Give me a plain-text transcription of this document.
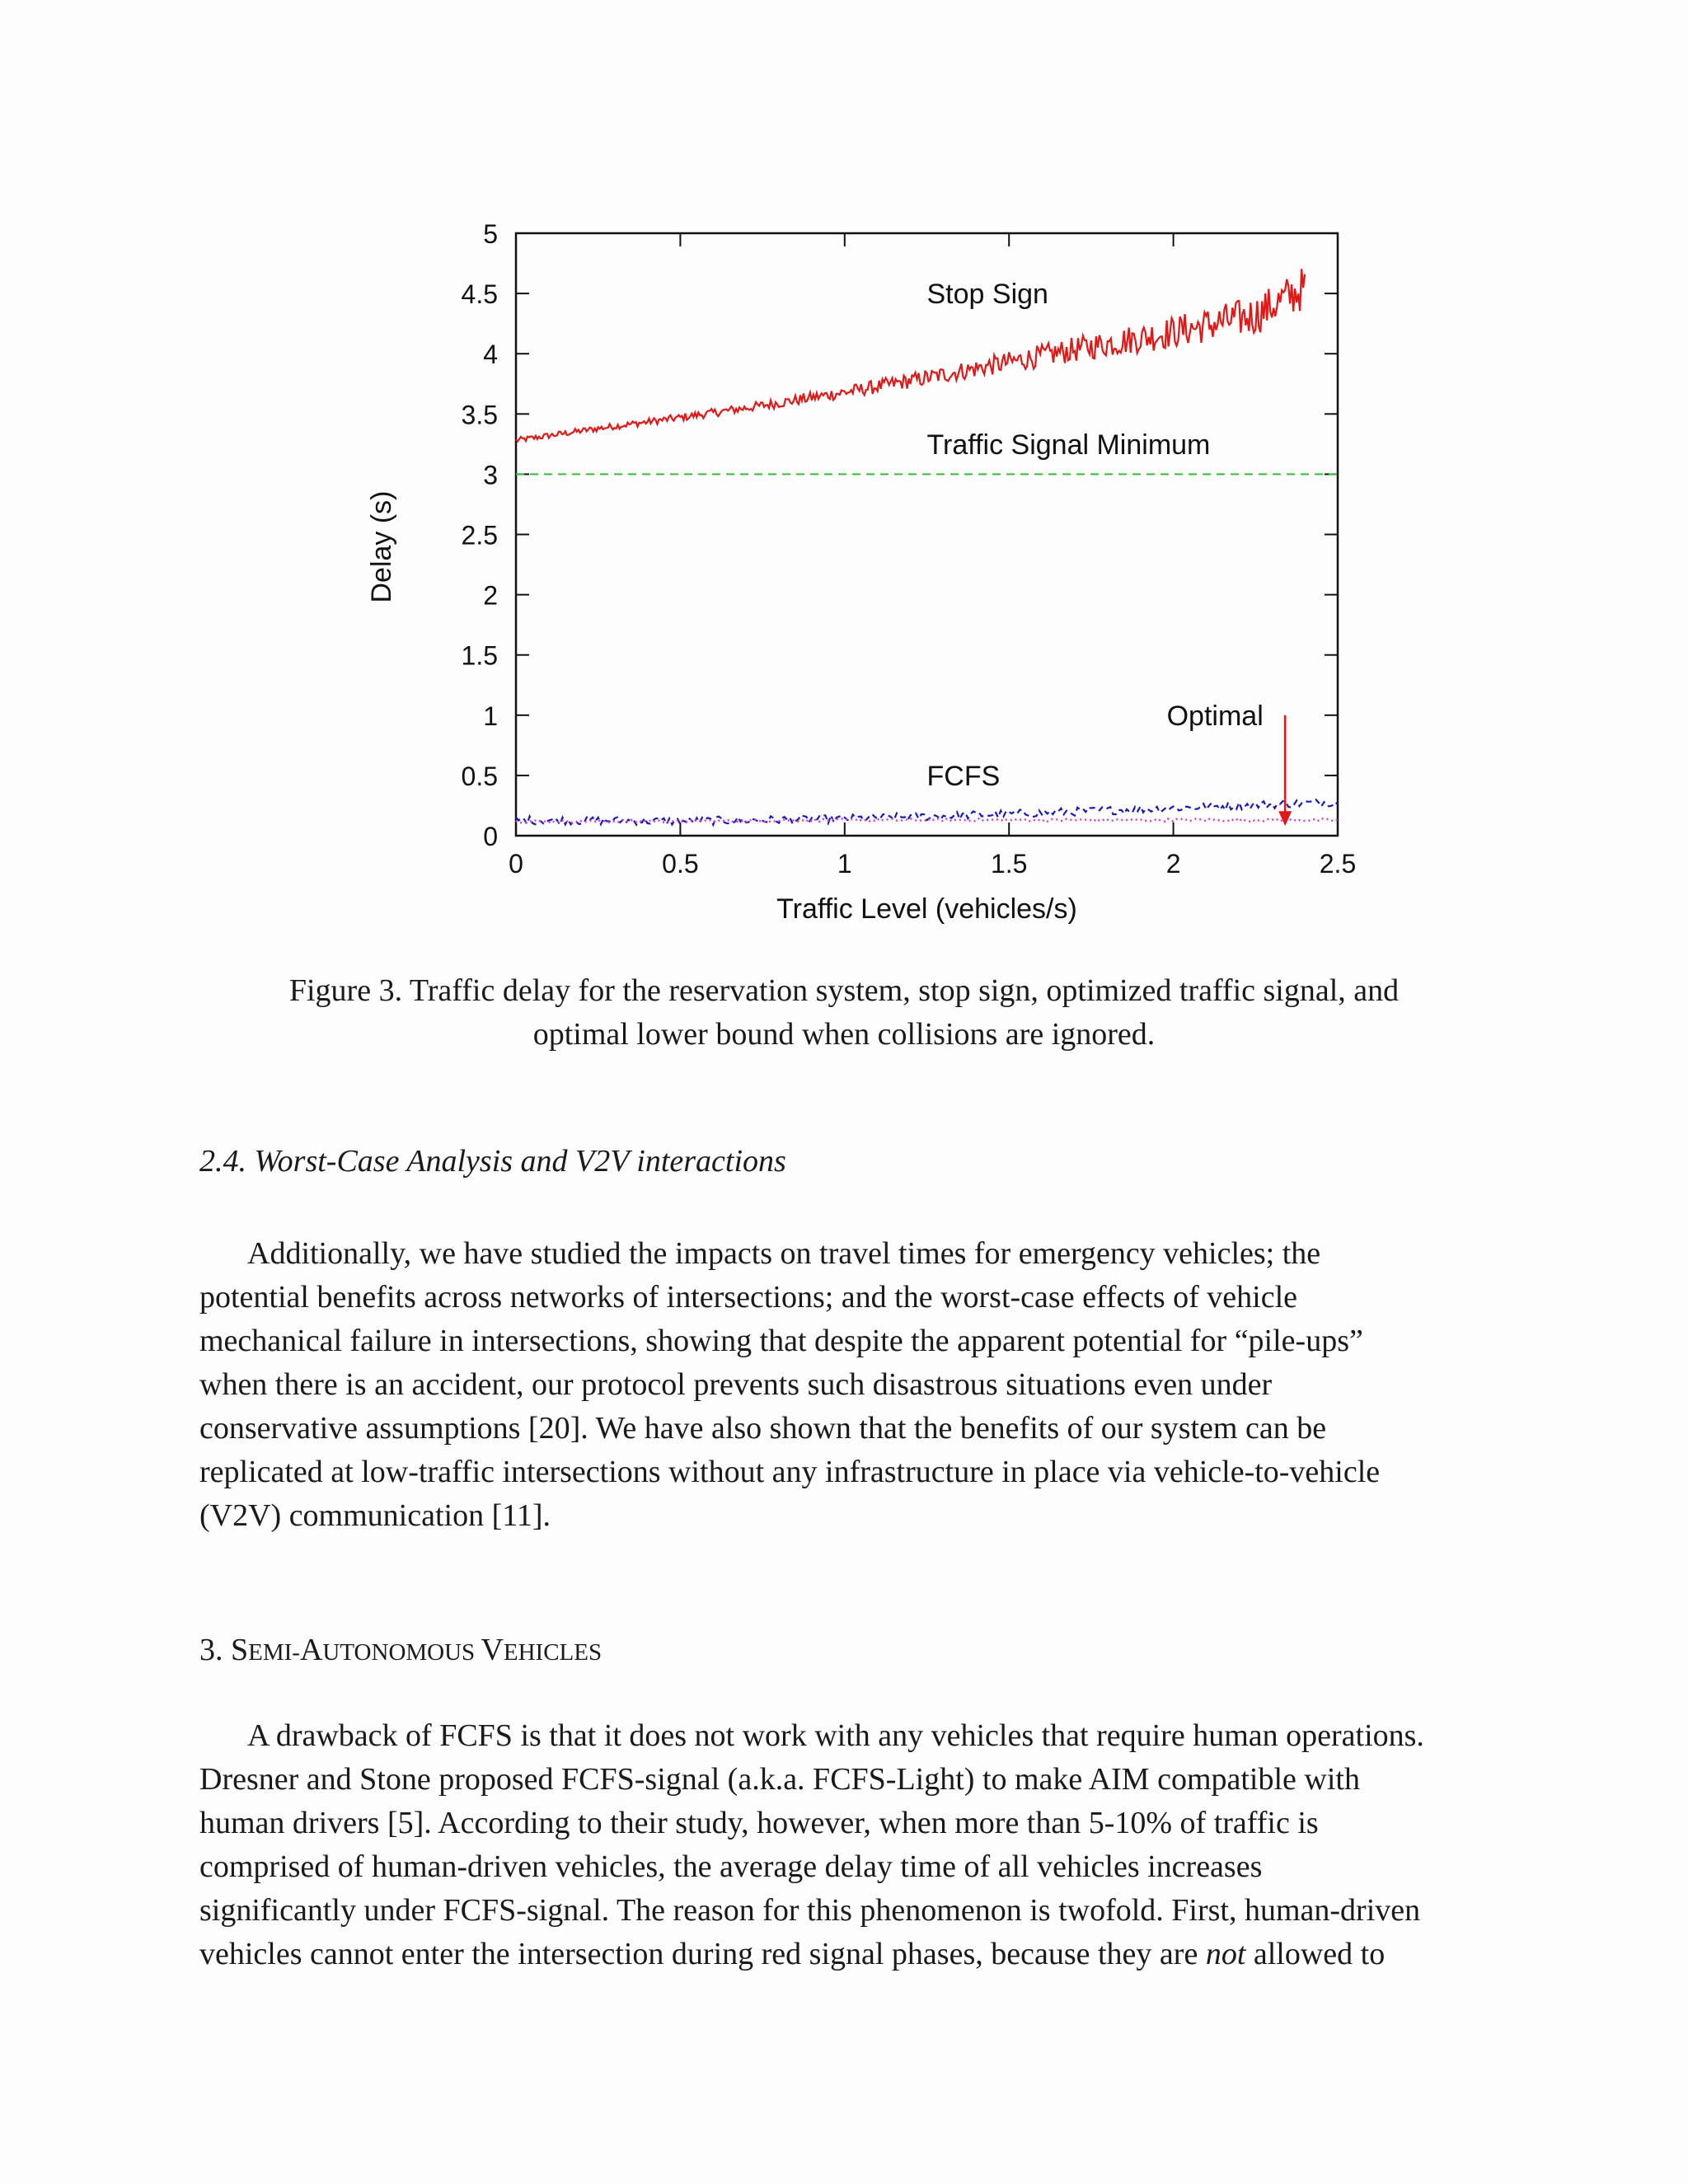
0	0.5	1	1.5	2	2.5
0
0.5
1
1.5
2
2.5
3
3.5
4
4.5
5
Traffic Level (vehicles/s)
Delay (s)
Stop Sign
Traffic Signal Minimum
Optimal
FCFS
Figure 3. Traffic delay for the reservation system, stop sign, optimized traffic signal, and
optimal lower bound when collisions are ignored.
2.4. Worst-Case Analysis and V2V interactions
Additionally, we have studied the impacts on travel times for emergency vehicles; the
potential benefits across networks of intersections; and the worst-case effects of vehicle
mechanical failure in intersections, showing that despite the apparent potential for “pile-ups”
when there is an accident, our protocol prevents such disastrous situations even under
conservative assumptions [20]. We have also shown that the benefits of our system can be
replicated at low-traffic intersections without any infrastructure in place via vehicle-to-vehicle
(V2V) communication [11].
3. SEMI-AUTONOMOUS VEHICLES
A drawback of FCFS is that it does not work with any vehicles that require human operations.
Dresner and Stone proposed FCFS-signal (a.k.a. FCFS-Light) to make AIM compatible with
human drivers [5]. According to their study, however, when more than 5-10% of traffic is
comprised of human-driven vehicles, the average delay time of all vehicles increases
significantly under FCFS-signal. The reason for this phenomenon is twofold. First, human-driven
vehicles cannot enter the intersection during red signal phases, because they are not allowed to
